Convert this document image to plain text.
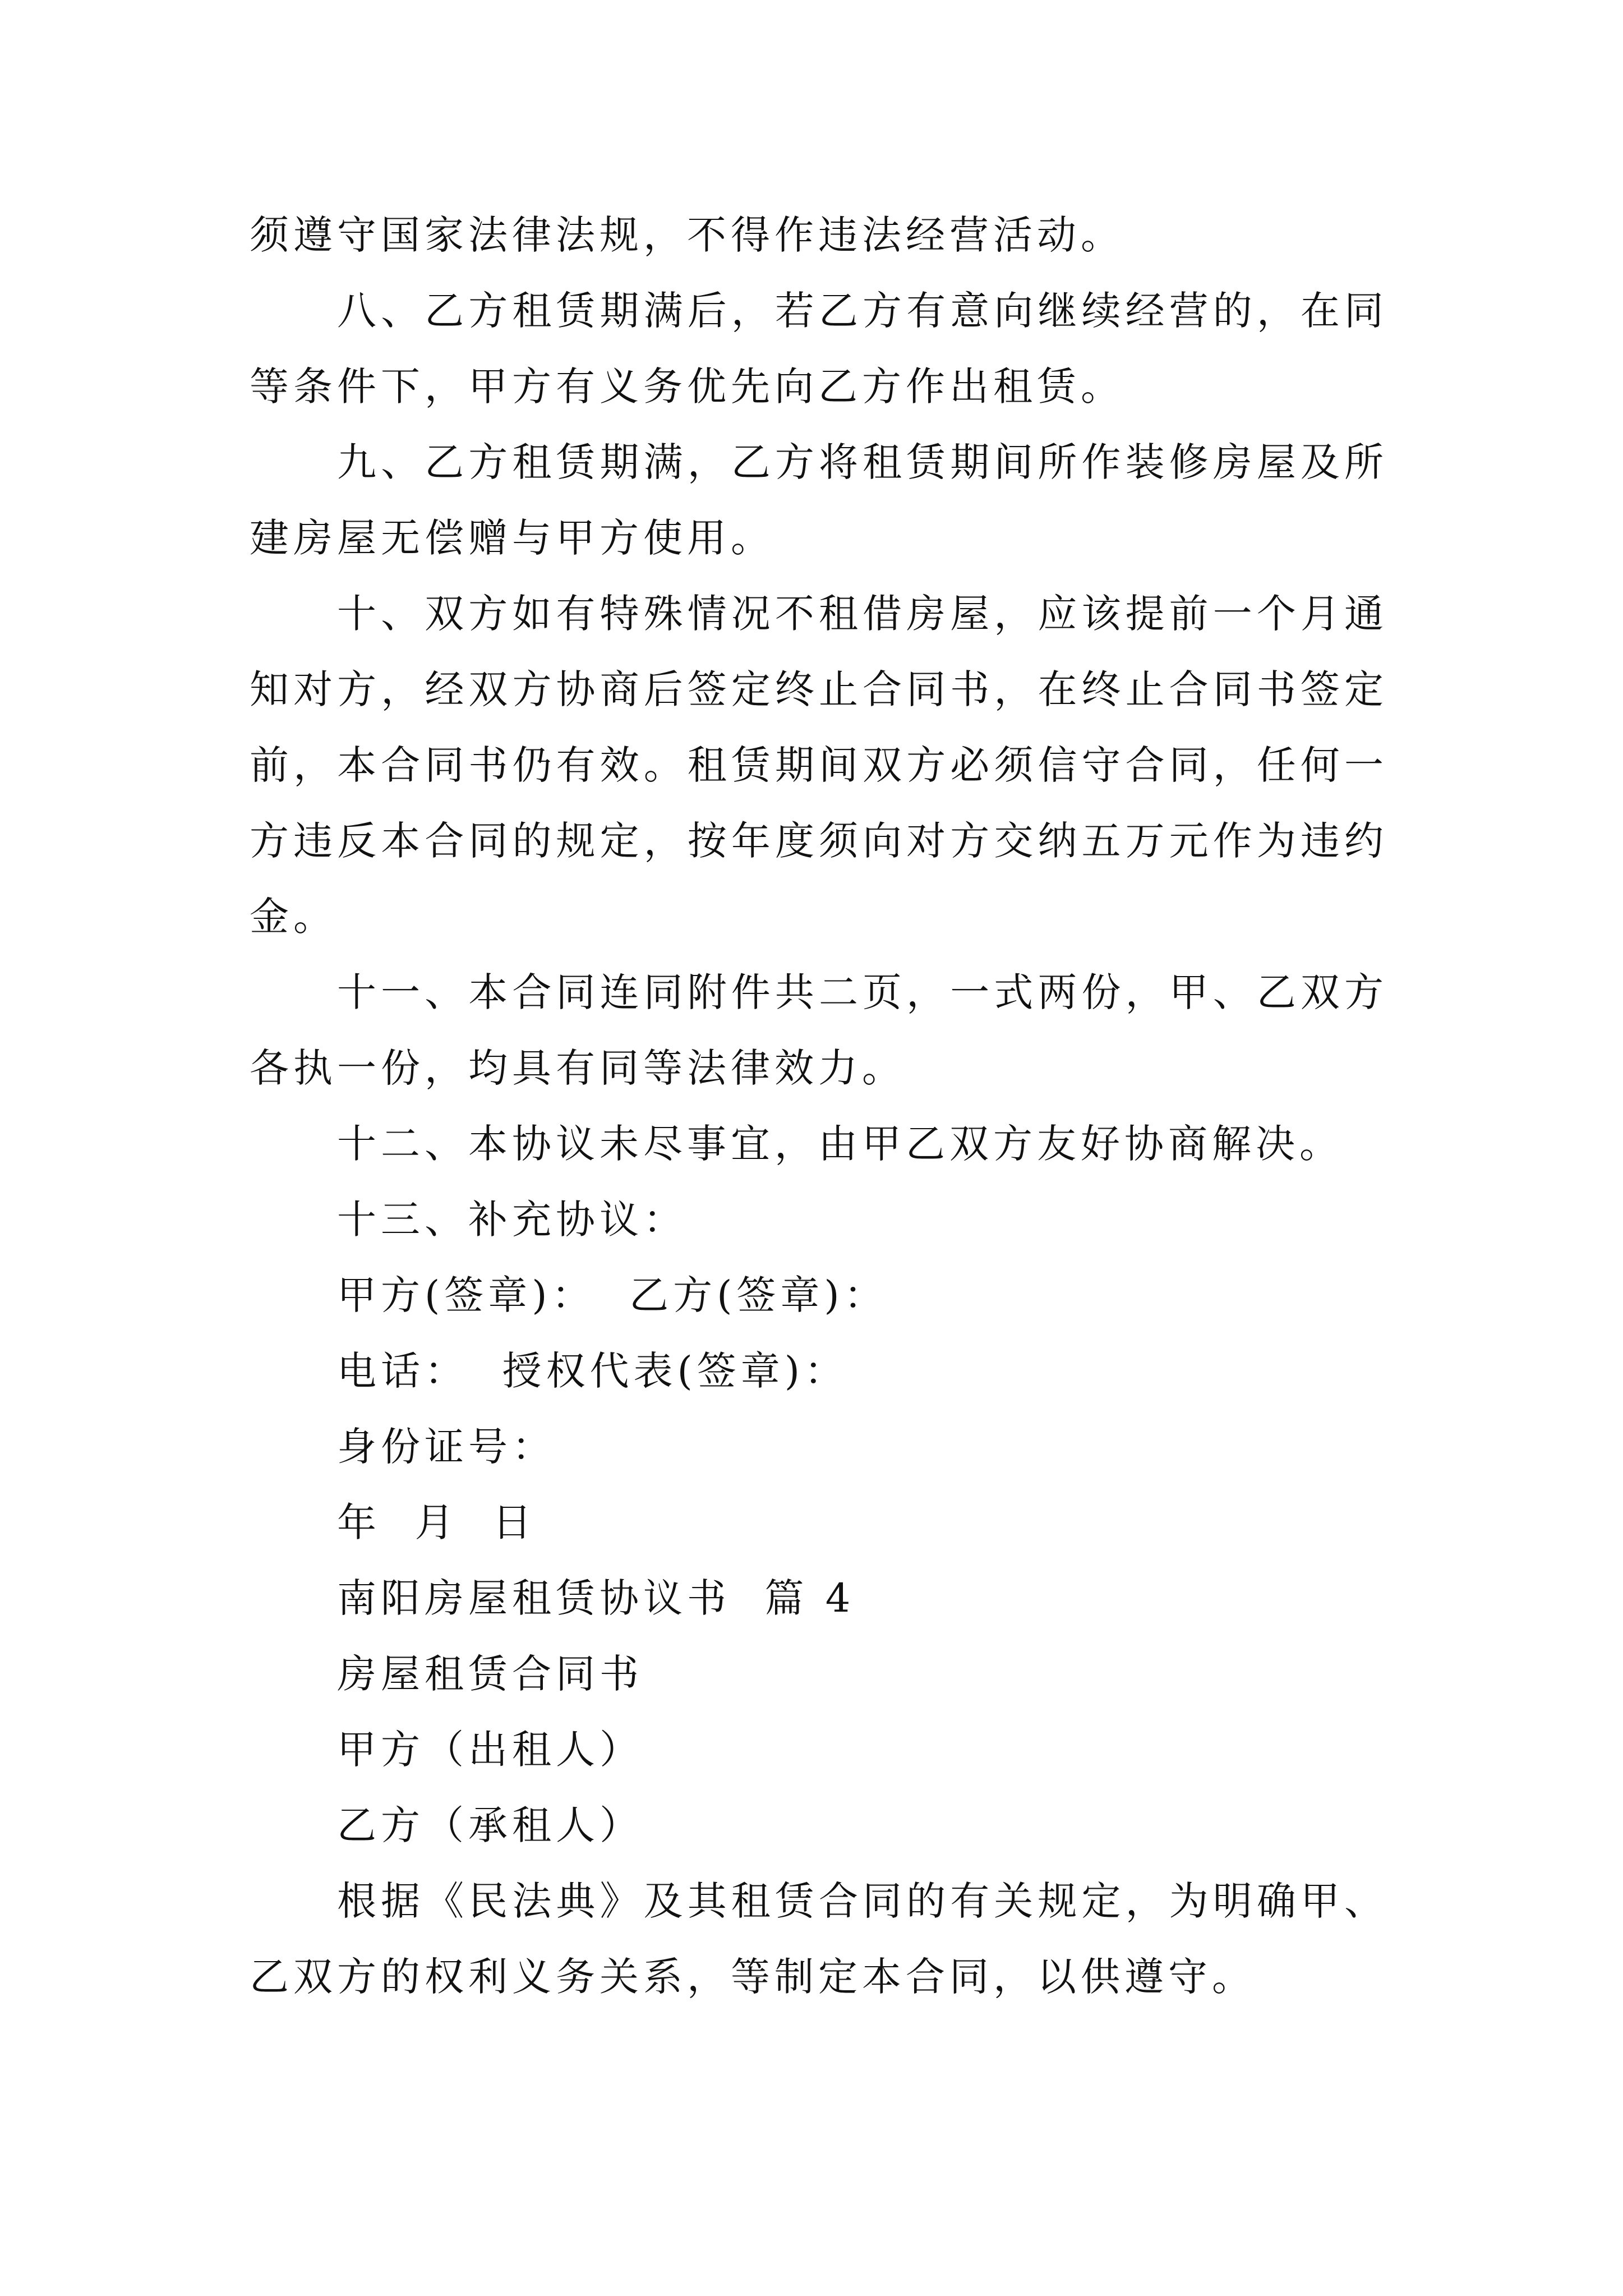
须遵守国家法律法规，不得作违法经营活动。

八、乙方租赁期满后，若乙方有意向继续经营的，在同等条件下，甲方有义务优先向乙方作出租赁。

九、乙方租赁期满，乙方将租赁期间所作装修房屋及所建房屋无偿赠与甲方使用。

十、双方如有特殊情况不租借房屋，应该提前一个月通知对方，经双方协商后签定终止合同书，在终止合同书签定前，本合同书仍有效。租赁期间双方必须信守合同，任何一方违反本合同的规定，按年度须向对方交纳五万元作为违约金。

十一、本合同连同附件共二页，一式两份，甲、乙双方各执一份，均具有同等法律效力。

十二、本协议未尽事宜，由甲乙双方友好协商解决。

十三、补充协议：

甲方(签章)：  乙方(签章)：

电话：  授权代表(签章)：

身份证号：

年  月  日

南阳房屋租赁协议书  篇 4

房屋租赁合同书

甲方（出租人）

乙方（承租人）

根据《民法典》及其租赁合同的有关规定，为明确甲、乙双方的权利义务关系，等制定本合同，以供遵守。
